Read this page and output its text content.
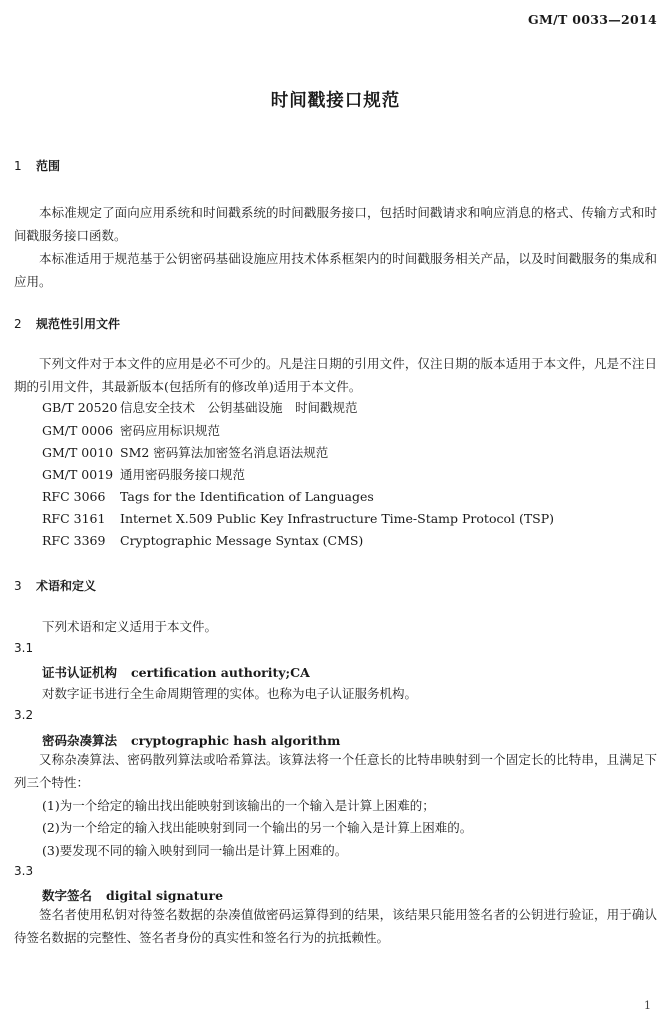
GM/T 0033—2014
时间戳接口规范
1 范围
本标准规定了面向应用系统和时间戳系统的时间戳服务接口，包括时间戳请求和响应消息的格式、传输方式和时间戳服务接口函数。
本标准适用于规范基于公钥密码基础设施应用技术体系框架内的时间戳服务相关产品，以及时间戳服务的集成和应用。
2 规范性引用文件
下列文件对于本文件的应用是必不可少的。凡是注日期的引用文件，仅注日期的版本适用于本文件，凡是不注日期的引用文件，其最新版本(包括所有的修改单)适用于本文件。
GB/T 20520 信息安全技术　公钥基础设施　时间戳规范
GM/T 0006 密码应用标识规范
GM/T 0010 SM2 密码算法加密签名消息语法规范
GM/T 0019 通用密码服务接口规范
RFC 3066 Tags for the Identification of Languages
RFC 3161 Internet X.509 Public Key Infrastructure Time-Stamp Protocol (TSP)
RFC 3369 Cryptographic Message Syntax (CMS)
3 术语和定义
下列术语和定义适用于本文件。
3.1
证书认证机构 certification authority;CA
对数字证书进行全生命周期管理的实体。也称为电子认证服务机构。
3.2
密码杂凑算法 cryptographic hash algorithm
又称杂凑算法、密码散列算法或哈希算法。该算法将一个任意长的比特串映射到一个固定长的比特串，且满足下列三个特性：
(1)为一个给定的输出找出能映射到该输出的一个输入是计算上困难的；
(2)为一个给定的输入找出能映射到同一个输出的另一个输入是计算上困难的。
(3)要发现不同的输入映射到同一输出是计算上困难的。
3.3
数字签名 digital signature
签名者使用私钥对待签名数据的杂凑值做密码运算得到的结果，该结果只能用签名者的公钥进行验证，用于确认待签名数据的完整性、签名者身份的真实性和签名行为的抗抵赖性。
1
